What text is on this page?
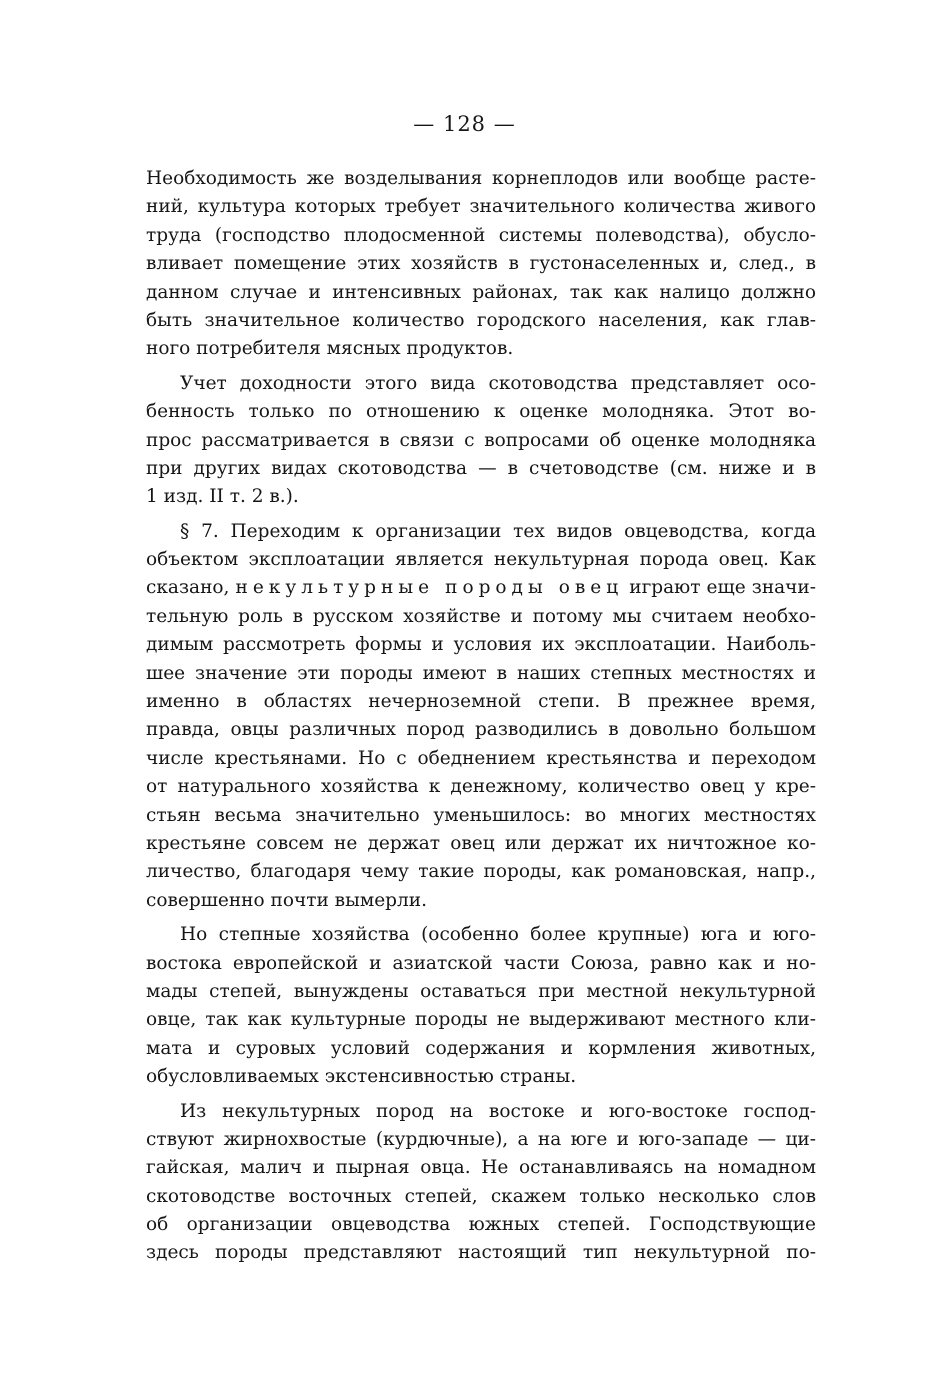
— 128 —
Необходимость же возделывания корнеплодов или вообще расте-
ний, культура которых требует значительного количества живого
труда (господство плодосменной системы полеводства), обусло-
вливает помещение этих хозяйств в густонаселенных и, след., в
данном случае и интенсивных районах, так как налицо должно
быть значительное количество городского населения, как глав-
ного потребителя мясных продуктов.
Учет доходности этого вида скотоводства представляет осо-
бенность только по отношению к оценке молодняка. Этот во-
прос рассматривается в связи с вопросами об оценке молодняка
при других видах скотоводства — в счетоводстве (см. ниже и в
1 изд. II т. 2 в.).
§ 7. Переходим к организации тех видов овцеводства, когда
объектом эксплоатации является некультурная порода овец. Как
сказано, некультурные породы овец играют еще значи-
тельную роль в русском хозяйстве и потому мы считаем необхо-
димым рассмотреть формы и условия их эксплоатации. Наиболь-
шее значение эти породы имеют в наших степных местностях и
именно в областях нечерноземной степи. В прежнее время,
правда, овцы различных пород разводились в довольно большом
числе крестьянами. Но с обеднением крестьянства и переходом
от натурального хозяйства к денежному, количество овец у кре-
стьян весьма значительно уменьшилось: во многих местностях
крестьяне совсем не держат овец или держат их ничтожное ко-
личество, благодаря чему такие породы, как романовская, напр.,
совершенно почти вымерли.
Но степные хозяйства (особенно более крупные) юга и юго-
востока европейской и азиатской части Союза, равно как и но-
мады степей, вынуждены оставаться при местной некультурной
овце, так как культурные породы не выдерживают местного кли-
мата и суровых условий содержания и кормления животных,
обусловливаемых экстенсивностью страны.
Из некультурных пород на востоке и юго-востоке господ-
ствуют жирнохвостые (курдючные), а на юге и юго-западе — ци-
гайская, малич и пырная овца. Не останавливаясь на номадном
скотоводстве восточных степей, скажем только несколько слов
об организации овцеводства южных степей. Господствующие
здесь породы представляют настоящий тип некультурной по-
